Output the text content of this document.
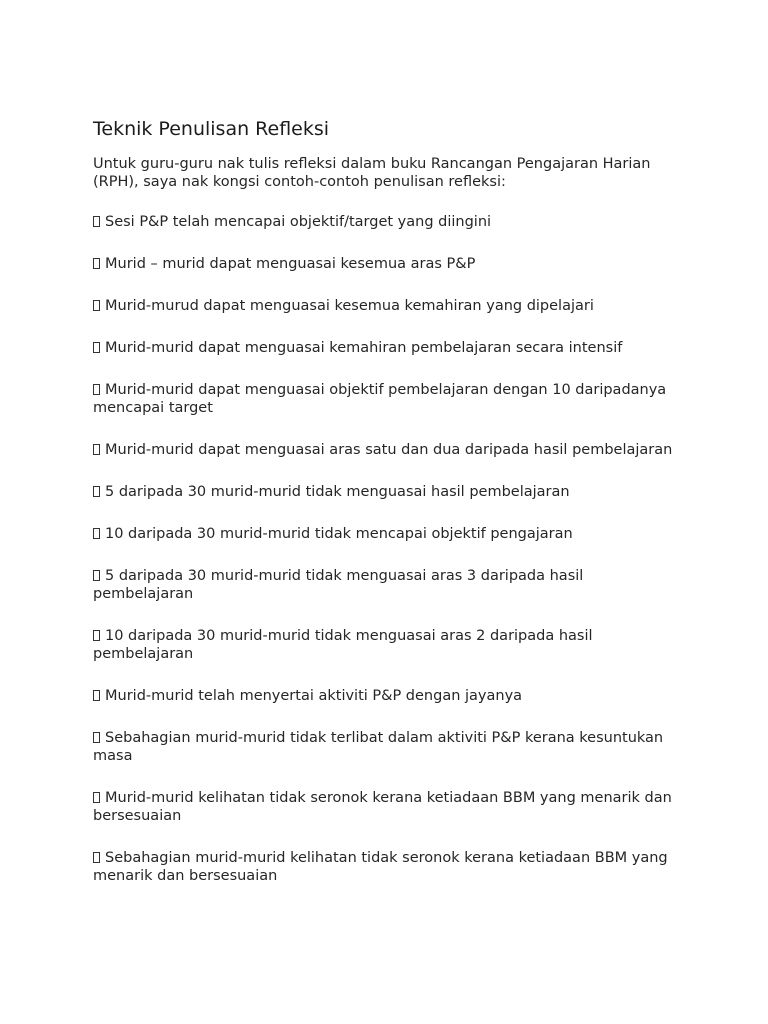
Teknik Penulisan Refleksi

Untuk guru-guru nak tulis refleksi dalam buku Rancangan Pengajaran Harian (RPH), saya nak kongsi contoh-contoh penulisan refleksi:

Sesi P&P telah mencapai objektif/target yang diingini

Murid – murid dapat menguasai kesemua aras P&P

Murid-murud dapat menguasai kesemua kemahiran yang dipelajari

Murid-murid dapat menguasai kemahiran pembelajaran secara intensif

Murid-murid dapat menguasai objektif pembelajaran dengan 10 daripadanya mencapai target

Murid-murid dapat menguasai aras satu dan dua daripada hasil pembelajaran

5 daripada 30 murid-murid tidak menguasai hasil pembelajaran

10 daripada 30 murid-murid tidak mencapai objektif pengajaran

5 daripada 30 murid-murid tidak menguasai aras 3 daripada hasil pembelajaran

10 daripada 30 murid-murid tidak menguasai aras 2 daripada hasil pembelajaran

Murid-murid telah menyertai aktiviti P&P dengan jayanya

Sebahagian murid-murid tidak terlibat dalam aktiviti P&P kerana kesuntukan masa

Murid-murid kelihatan tidak seronok kerana ketiadaan BBM yang menarik dan bersesuaian

Sebahagian murid-murid kelihatan tidak seronok kerana ketiadaan BBM yang menarik dan bersesuaian
